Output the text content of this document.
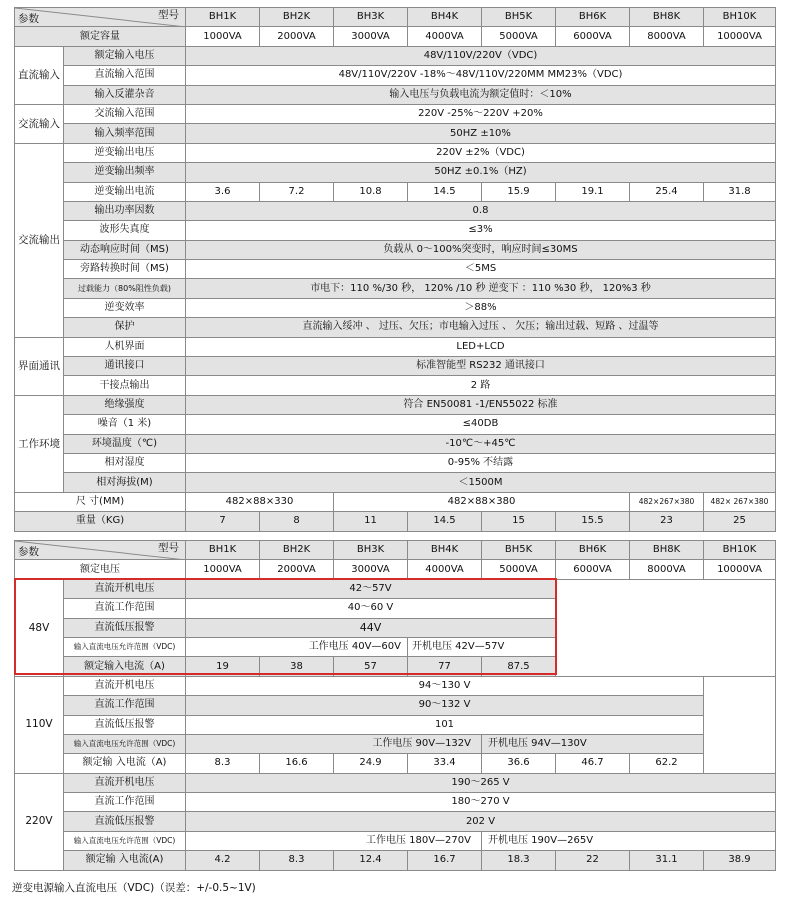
参数 型号		BH1K	BH2K	BH3K	BH4K	BH5K	BH6K	BH8K	BH10K
额定容量		1000VA	2000VA	3000VA	4000VA	5000VA	6000VA	8000VA	10000VA
直流输入	额定输入电压	48V/110V/220V（VDC)							
	直流输入范围	48V/110V/220V -18%～48V/110V/220MM MM23%（VDC)							
	输入反灌杂音	输入电压与负载电流为额定值时：＜10%							
交流输入	交流输入范围	220V -25%～220V +20%							
	输入频率范围	50HZ ±10%							
交流输出	逆变输出电压	220V ±2%（VDC)							
	逆变输出频率	50HZ ±0.1%（HZ)							
	逆变输出电流	3.6	7.2	10.8	14.5	15.9	19.1	25.4	31.8
	输出功率因数	0.8							
	波形失真度	≤3%							
	动态响应时间（MS)	负载从 0～100%突变时，响应时间≤30MS							
	旁路转换时间（MS)	＜5MS							
	过载能力（80%阻性负载)	市电下：110 %/30 秒， 120% /10 秒 逆变下 ：110 %30 秒， 120%3 秒							
	逆变效率	＞88%							
	保护	直流输入绥冲 、 过压、欠压；市电输入过压 、 欠压；输出过载、短路 、过温等							
界面通讯	人机界面	LED+LCD							
	通讯接口	标准智能型 RS232 通讯接口							
	干接点输出	2 路							
工作环境	绝缘强度	符合 EN50081 -1/EN55022 标准							
	噪音（1 米)	≤40DB							
	环境温度（℃)	-10℃～+45℃							
	相对湿度	0-95% 不结露							
	相对海拔(M)	＜1500M							
尺 寸(MM)		482×88×330		482×88×380				482×267×380	482× 267×380
重量（KG)		7	8	11	14.5	15	15.5	23	25
参数 型号		BH1K	BH2K	BH3K	BH4K	BH5K	BH6K	BH8K	BH10K
额定电压		1000VA	2000VA	3000VA	4000VA	5000VA	6000VA	8000VA	10000VA
48V	直流开机电压	42～57V							
	直流工作范围	40～60 V							
	直流低压报警	44V							
	输入直流电压允许范围（VDC)	工作电压 40V—60V			开机电压 42V—57V				
	额定输入电流（A)	19	38	57	77	87.5			
110V	直流开机电压	94～130 V							
	直流工作范围	90～132 V							
	直流低压报警	101							
	输入直流电压允许范围（VDC)	工作电压 90V—132V				开机电压 94V—130V			
	额定输 入电流（A)	8.3	16.6	24.9	33.4	36.6	46.7	62.2	
220V	直流开机电压	190～265 V							
	直流工作范围	180～270 V							
	直流低压报警	202 V							
	输入直流电压允许范围（VDC)	工作电压 180V—270V				开机电压 190V—265V			
	额定输 入电流(A)	4.2	8.3	12.4	16.7	18.3	22	31.1	38.9
逆变电源输入直流电压（VDC)（误差：+/-0.5~1V)
